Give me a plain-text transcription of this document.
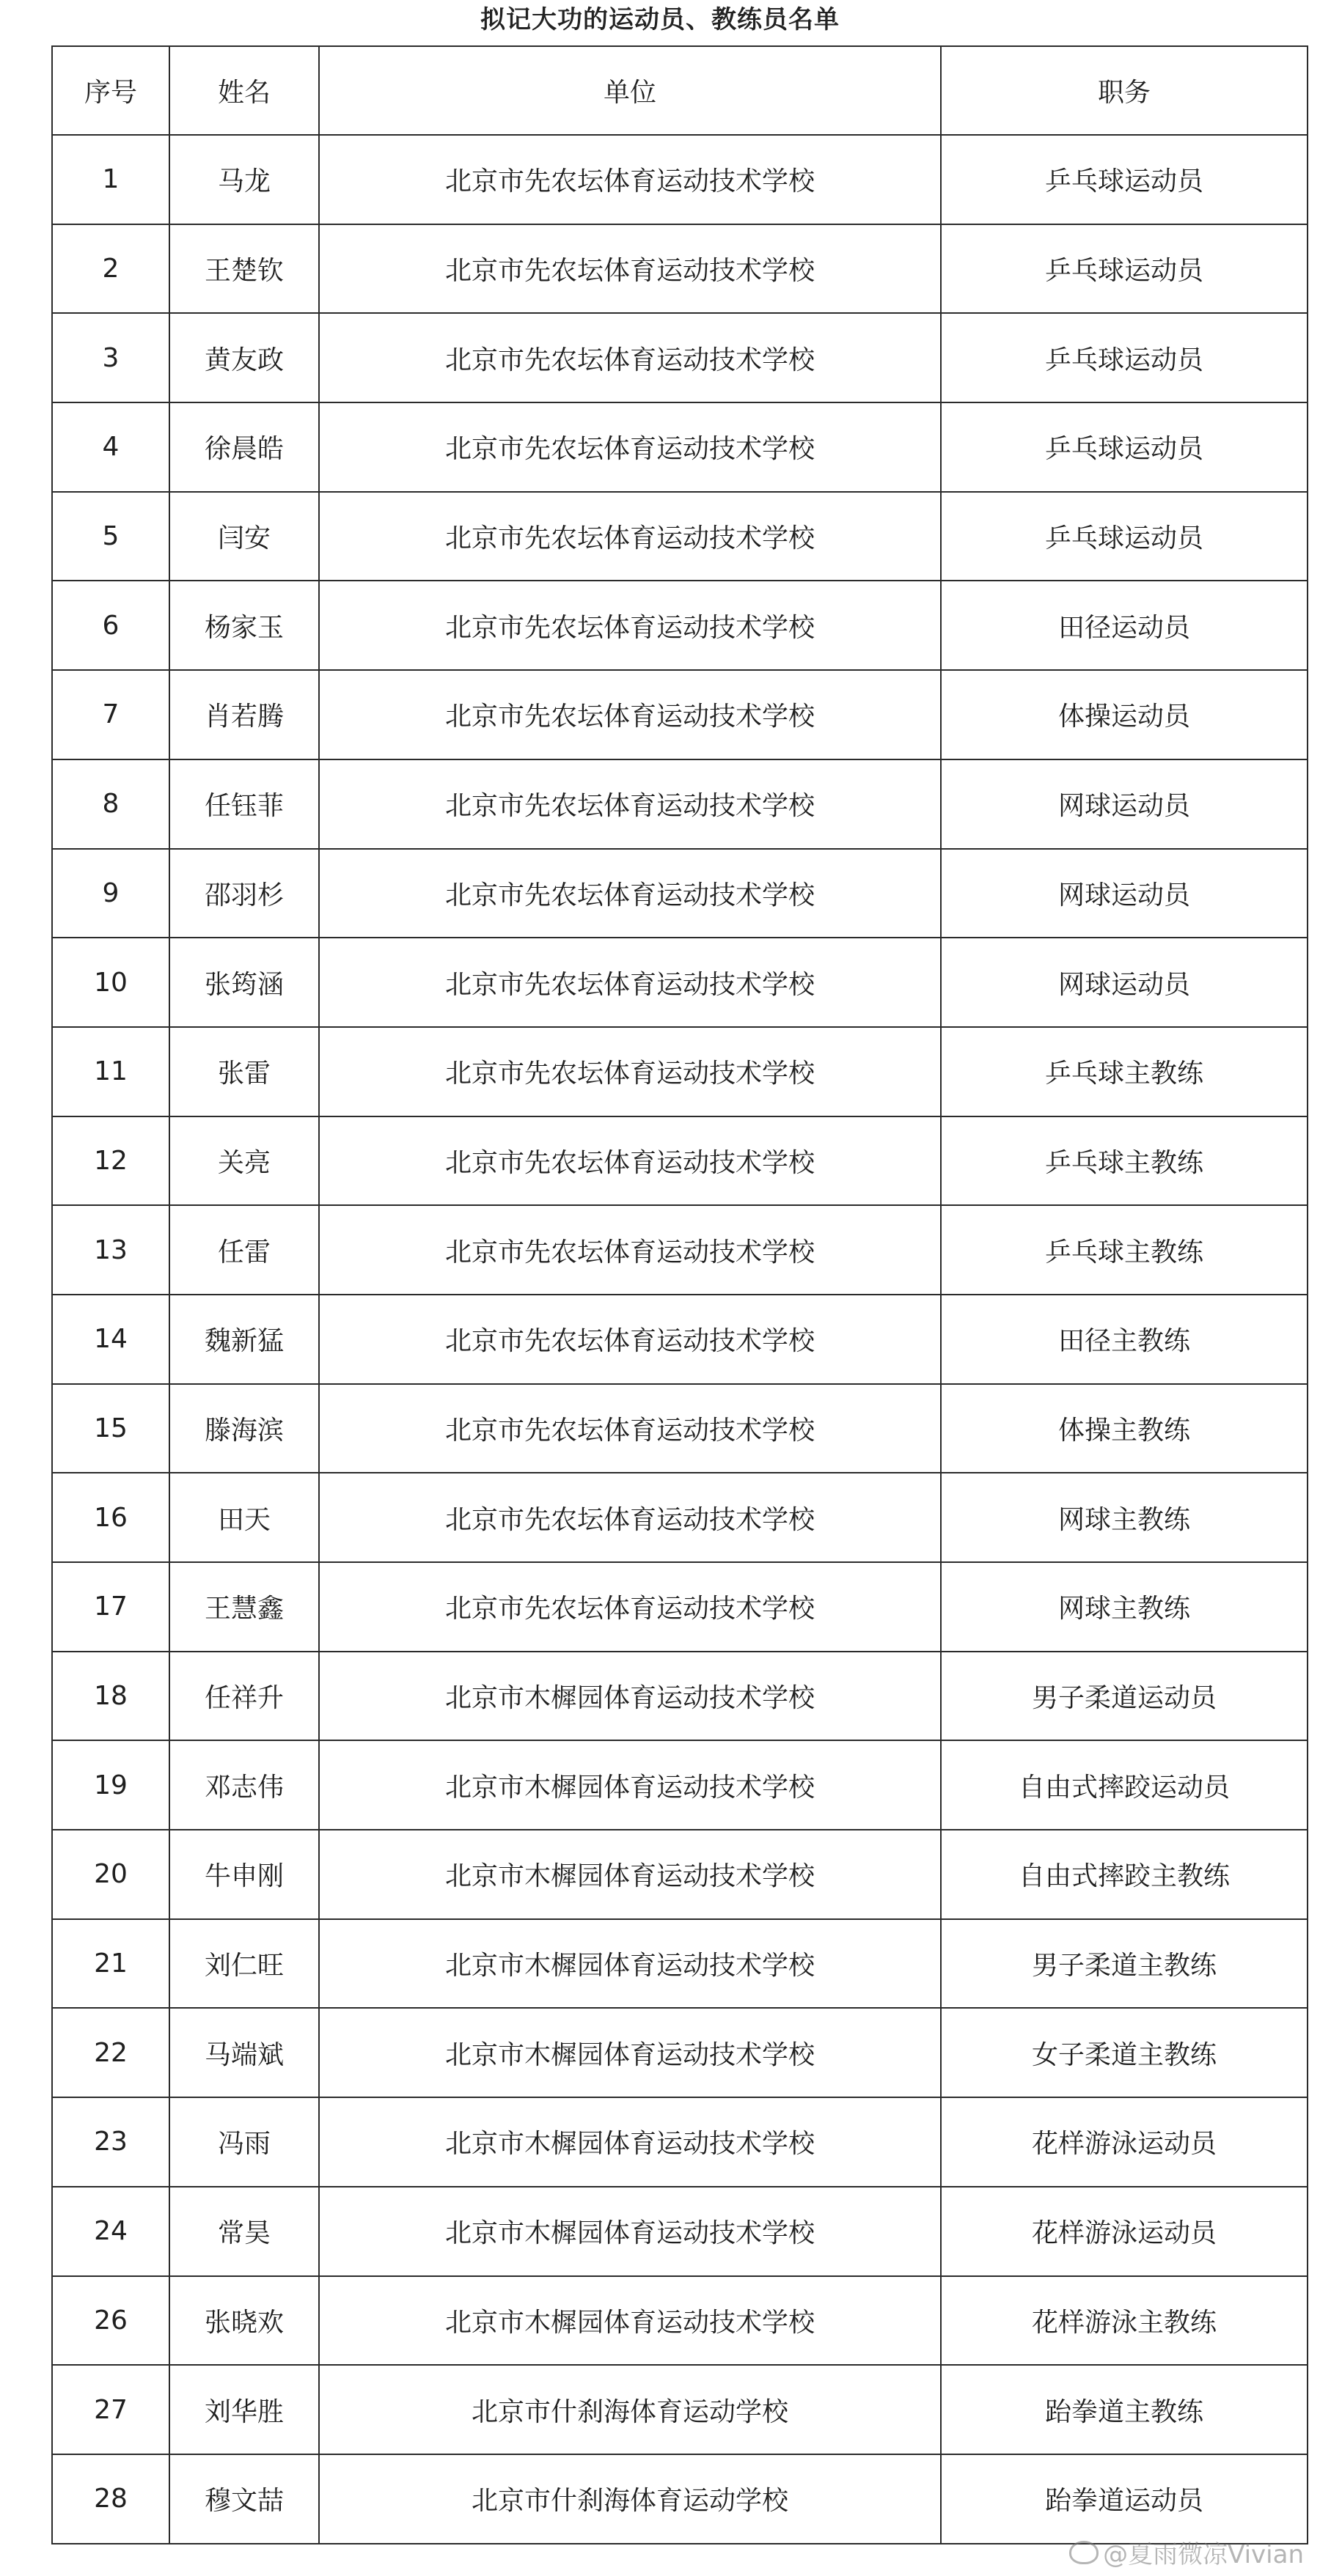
拟记大功的运动员、教练员名单
序号	姓名	单位	职务
1	马龙	北京市先农坛体育运动技术学校	乒乓球运动员
2	王楚钦	北京市先农坛体育运动技术学校	乒乓球运动员
3	黄友政	北京市先农坛体育运动技术学校	乒乓球运动员
4	徐晨皓	北京市先农坛体育运动技术学校	乒乓球运动员
5	闫安	北京市先农坛体育运动技术学校	乒乓球运动员
6	杨家玉	北京市先农坛体育运动技术学校	田径运动员
7	肖若腾	北京市先农坛体育运动技术学校	体操运动员
8	任钰菲	北京市先农坛体育运动技术学校	网球运动员
9	邵羽杉	北京市先农坛体育运动技术学校	网球运动员
10	张筠涵	北京市先农坛体育运动技术学校	网球运动员
11	张雷	北京市先农坛体育运动技术学校	乒乓球主教练
12	关亮	北京市先农坛体育运动技术学校	乒乓球主教练
13	任雷	北京市先农坛体育运动技术学校	乒乓球主教练
14	魏新猛	北京市先农坛体育运动技术学校	田径主教练
15	滕海滨	北京市先农坛体育运动技术学校	体操主教练
16	田天	北京市先农坛体育运动技术学校	网球主教练
17	王慧鑫	北京市先农坛体育运动技术学校	网球主教练
18	任祥升	北京市木樨园体育运动技术学校	男子柔道运动员
19	邓志伟	北京市木樨园体育运动技术学校	自由式摔跤运动员
20	牛申刚	北京市木樨园体育运动技术学校	自由式摔跤主教练
21	刘仁旺	北京市木樨园体育运动技术学校	男子柔道主教练
22	马端斌	北京市木樨园体育运动技术学校	女子柔道主教练
23	冯雨	北京市木樨园体育运动技术学校	花样游泳运动员
24	常昊	北京市木樨园体育运动技术学校	花样游泳运动员
26	张晓欢	北京市木樨园体育运动技术学校	花样游泳主教练
27	刘华胜	北京市什刹海体育运动学校	跆拳道主教练
28	穆文喆	北京市什刹海体育运动学校	跆拳道运动员
@夏雨微凉Vivian
